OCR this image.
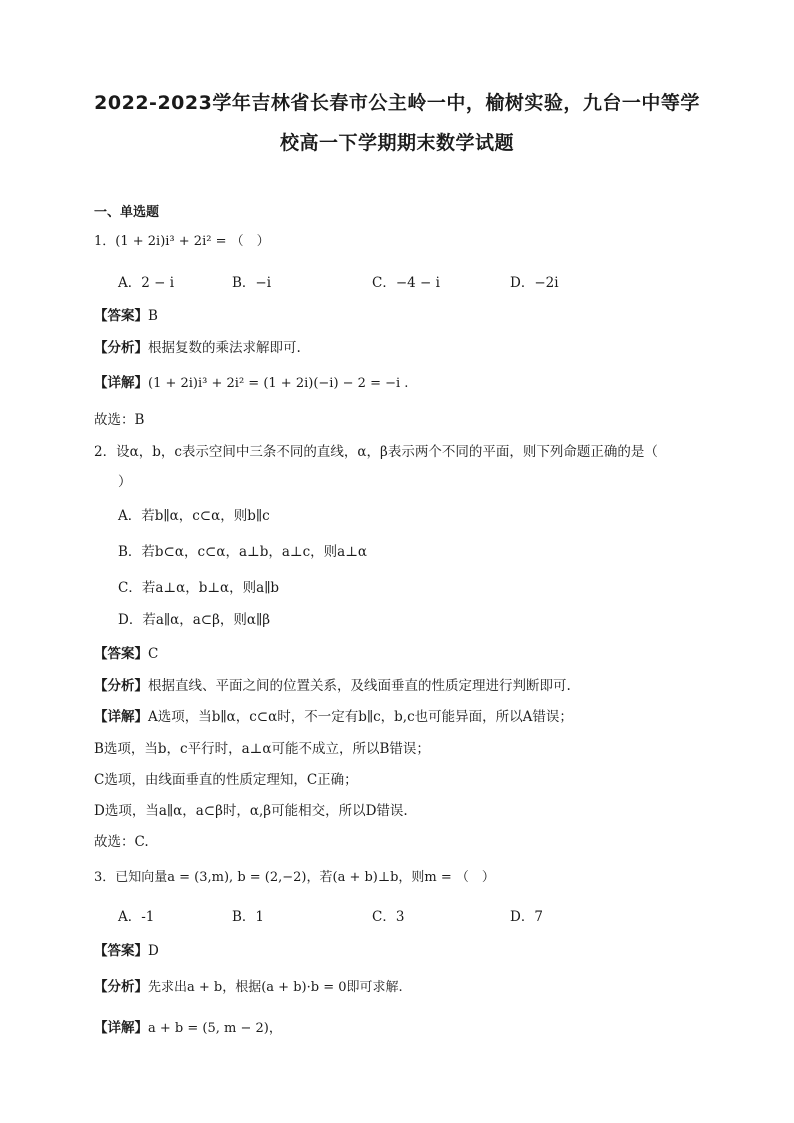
2022-2023学年吉林省长春市公主岭一中，榆树实验，九台一中等学
校高一下学期期末数学试题
一、单选题
1．(1 + 2i)i³ + 2i² = （　）
A．2 − i	B．−i	C．−4 − i	D．−2i
【答案】B
【分析】根据复数的乘法求解即可.
【详解】(1 + 2i)i³ + 2i² = (1 + 2i)(−i) − 2 = −i .
故选：B
2．设α，b，c表示空间中三条不同的直线，α，β表示两个不同的平面，则下列命题正确的是（
）
A．若b∥α，c⊂α，则b∥c
B．若b⊂α，c⊂α，a⊥b，a⊥c，则a⊥α
C．若a⊥α，b⊥α，则a∥b
D．若a∥α，a⊂β，则α∥β
【答案】C
【分析】根据直线、平面之间的位置关系，及线面垂直的性质定理进行判断即可.
【详解】A选项，当b∥α，c⊂α时，不一定有b∥c，b,c也可能异面，所以A错误；
B选项，当b，c平行时，a⊥α可能不成立，所以B错误；
C选项，由线面垂直的性质定理知，C正确；
D选项，当a∥α，a⊂β时，α,β可能相交，所以D错误.
故选：C.
3．已知向量a = (3,m), b = (2,−2)，若(a + b)⊥b，则m = （　）
A．-1	B．1	C．3	D．7
【答案】D
【分析】先求出a + b，根据(a + b)·b = 0即可求解.
【详解】a + b = (5, m − 2)，
